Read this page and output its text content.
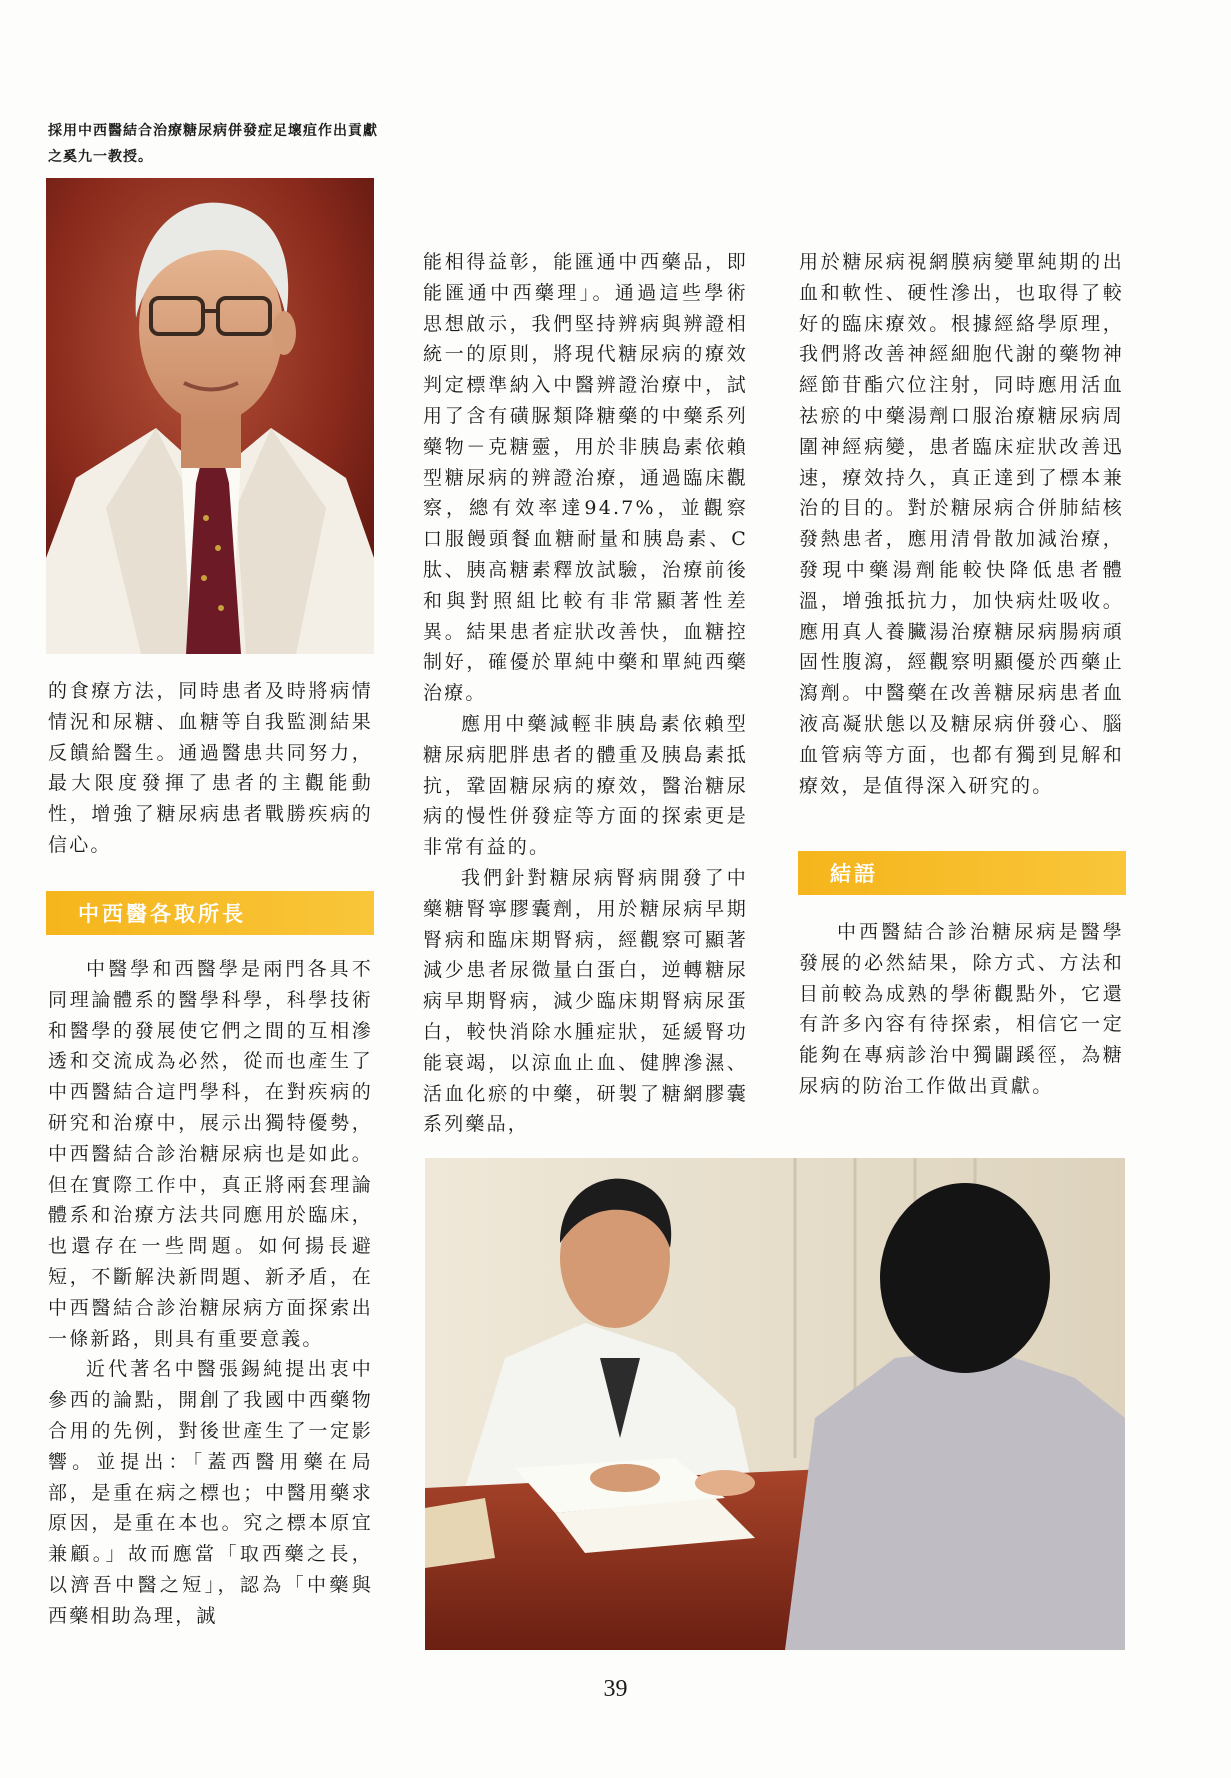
採用中西醫結合治療糖尿病併發症足壞疽作出貢獻之奚九一教授。

的食療方法，同時患者及時將病情情況和尿糖、血糖等自我監測結果反饋給醫生。通過醫患共同努力，最大限度發揮了患者的主觀能動性，增強了糖尿病患者戰勝疾病的信心。

中西醫各取所長

中醫學和西醫學是兩門各具不同理論體系的醫學科學，科學技術和醫學的發展使它們之間的互相滲透和交流成為必然，從而也產生了中西醫結合這門學科，在對疾病的研究和治療中，展示出獨特優勢，中西醫結合診治糖尿病也是如此。但在實際工作中，真正將兩套理論體系和治療方法共同應用於臨床，也還存在一些問題。如何揚長避短，不斷解決新問題、新矛盾，在中西醫結合診治糖尿病方面探索出一條新路，則具有重要意義。

近代著名中醫張錫純提出衷中參西的論點，開創了我國中西藥物合用的先例，對後世產生了一定影響。並提出：「蓋西醫用藥在局部，是重在病之標也；中醫用藥求原因，是重在本也。究之標本原宜兼顧。」故而應當「取西藥之長，以濟吾中醫之短」，認為「中藥與西藥相助為理，誠

能相得益彰，能匯通中西藥品，即能匯通中西藥理」。通過這些學術思想啟示，我們堅持辨病與辨證相統一的原則，將現代糖尿病的療效判定標準納入中醫辨證治療中，試用了含有磺脲類降糖藥的中藥系列藥物－克糖靈，用於非胰島素依賴型糖尿病的辨證治療，通過臨床觀察，總有效率達94.7%，並觀察口服饅頭餐血糖耐量和胰島素、C肽、胰高糖素釋放試驗，治療前後和與對照組比較有非常顯著性差異。結果患者症狀改善快，血糖控制好，確優於單純中藥和單純西藥治療。

應用中藥減輕非胰島素依賴型糖尿病肥胖患者的體重及胰島素抵抗，鞏固糖尿病的療效，醫治糖尿病的慢性併發症等方面的探索更是非常有益的。

我們針對糖尿病腎病開發了中藥糖腎寧膠囊劑，用於糖尿病早期腎病和臨床期腎病，經觀察可顯著減少患者尿微量白蛋白，逆轉糖尿病早期腎病，減少臨床期腎病尿蛋白，較快消除水腫症狀，延緩腎功能衰竭，以涼血止血、健脾滲濕、活血化瘀的中藥，研製了糖網膠囊系列藥品，

用於糖尿病視網膜病變單純期的出血和軟性、硬性滲出，也取得了較好的臨床療效。根據經絡學原理，我們將改善神經細胞代謝的藥物神經節苷酯穴位注射，同時應用活血祛瘀的中藥湯劑口服治療糖尿病周圍神經病變，患者臨床症狀改善迅速，療效持久，真正達到了標本兼治的目的。對於糖尿病合併肺結核發熱患者，應用清骨散加減治療，發現中藥湯劑能較快降低患者體溫，增強抵抗力，加快病灶吸收。應用真人養臟湯治療糖尿病腸病頑固性腹瀉，經觀察明顯優於西藥止瀉劑。中醫藥在改善糖尿病患者血液高凝狀態以及糖尿病併發心、腦血管病等方面，也都有獨到見解和療效，是值得深入研究的。

結語

中西醫結合診治糖尿病是醫學發展的必然結果，除方式、方法和目前較為成熟的學術觀點外，它還有許多內容有待探索，相信它一定能夠在專病診治中獨闢蹊徑，為糖尿病的防治工作做出貢獻。

39
